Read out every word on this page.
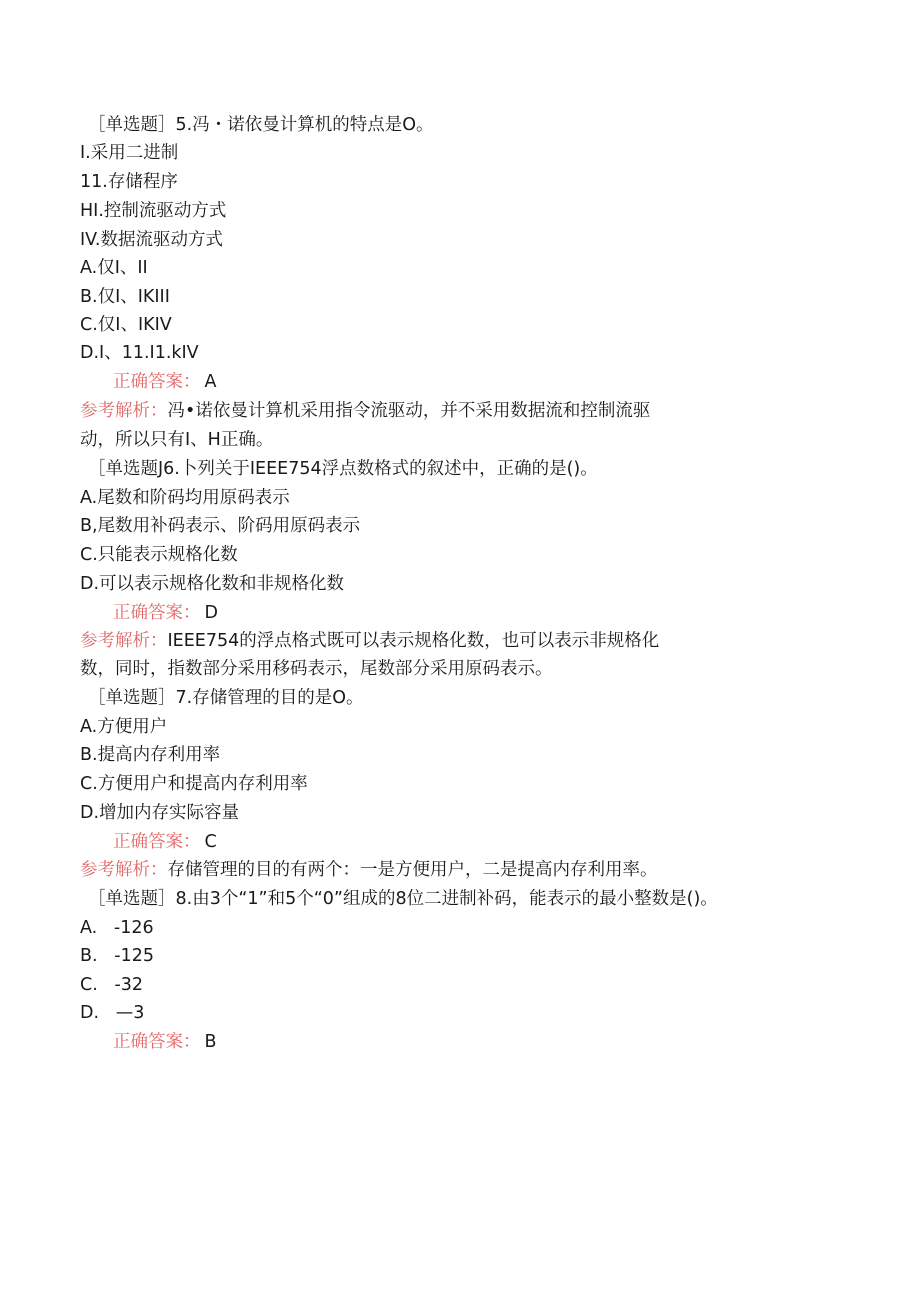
［单选题］5.冯・诺依曼计算机的特点是O。
I.采用二进制
11.存储程序
HI.控制流驱动方式
IV.数据流驱动方式
A.仅I、II
B.仅I、IKIII
C.仅I、IKIV
D.I、11.I1.kIV
正确答案： A
参考解析：冯•诺依曼计算机采用指令流驱动，并不采用数据流和控制流驱
动，所以只有I、H正确。
［单选题J6.卜列关于IEEE754浮点数格式的叙述中，正确的是()。
A.尾数和阶码均用原码表示
B,尾数用补码表示、阶码用原码表示
C.只能表示规格化数
D.可以表示规格化数和非规格化数
正确答案： D
参考解析：IEEE754的浮点格式既可以表示规格化数，也可以表示非规格化
数，同时，指数部分采用移码表示，尾数部分采用原码表示。
［单选题］7.存储管理的目的是O。
A.方便用户
B.提高内存利用率
C.方便用户和提高内存利用率
D.增加内存实际容量
正确答案： C
参考解析：存储管理的目的有两个：一是方便用户，二是提高内存利用率。
［单选题］8.由3个“1”和5个“0”组成的8位二进制补码，能表示的最小整数是()。
A.   -126
B.   -125
C.   -32
D.   —3
正确答案： B
